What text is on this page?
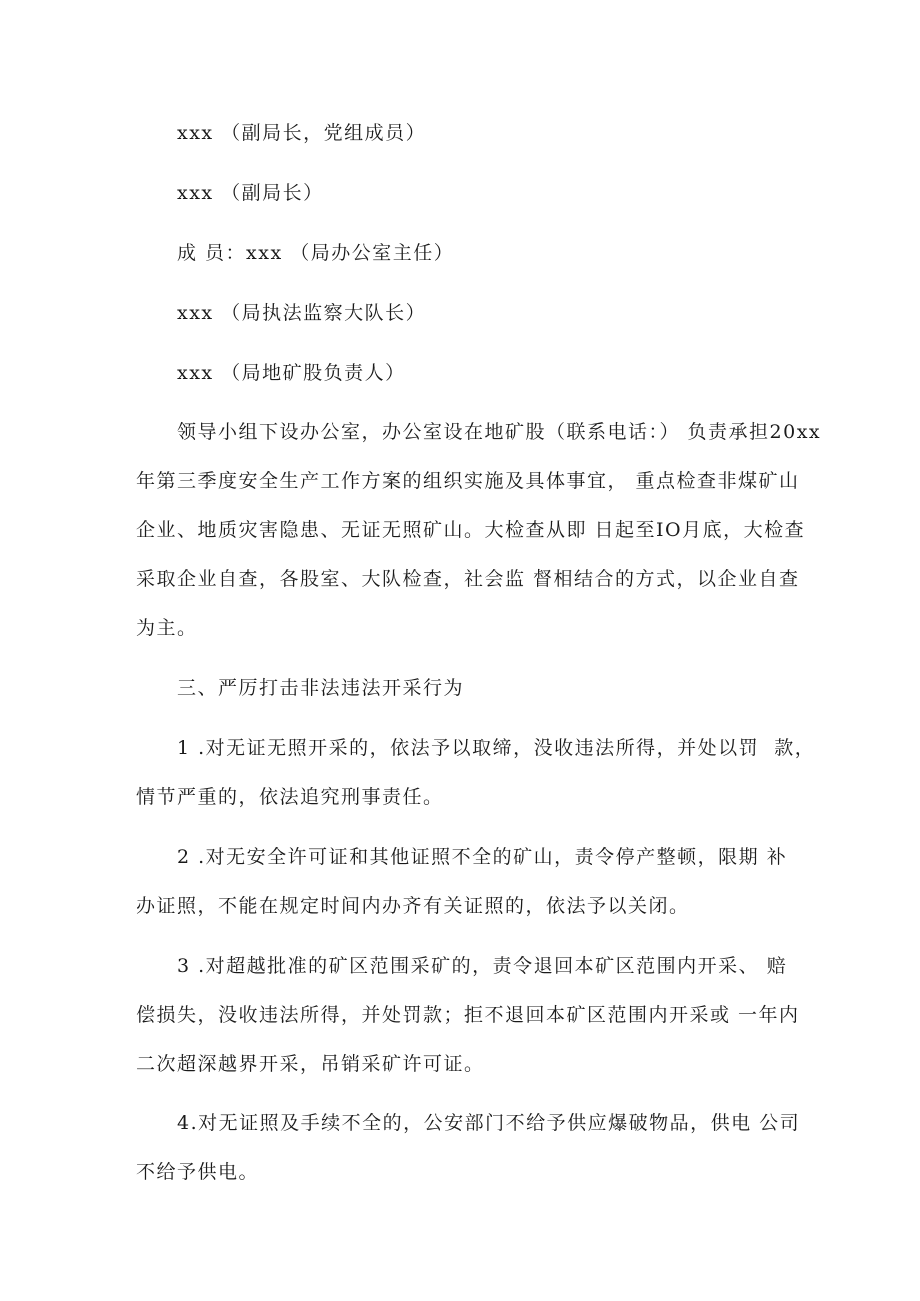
xxx （副局长，党组成员）
xxx （副局长）
成 员：xxx （局办公室主任）
xxx （局执法监察大队长）
xxx （局地矿股负责人）
领导小组下设办公室，办公室设在地矿股（联系电话：） 负责承担20xx
年第三季度安全生产工作方案的组织实施及具体事宜， 重点检查非煤矿山
企业、地质灾害隐患、无证无照矿山。大检查从即 日起至IO月底，大检查
采取企业自查，各股室、大队检查，社会监 督相结合的方式，以企业自查
为主。
三、严厉打击非法违法开采行为
1 .对无证无照开采的，依法予以取缔，没收违法所得，并处以罚  款，
情节严重的，依法追究刑事责任。
2 .对无安全许可证和其他证照不全的矿山，责令停产整顿，限期 补
办证照，不能在规定时间内办齐有关证照的，依法予以关闭。
3 .对超越批准的矿区范围采矿的，责令退回本矿区范围内开采、 赔
偿损失，没收违法所得，并处罚款；拒不退回本矿区范围内开采或 一年内
二次超深越界开采，吊销采矿许可证。
4.对无证照及手续不全的，公安部门不给予供应爆破物品，供电 公司
不给予供电。
